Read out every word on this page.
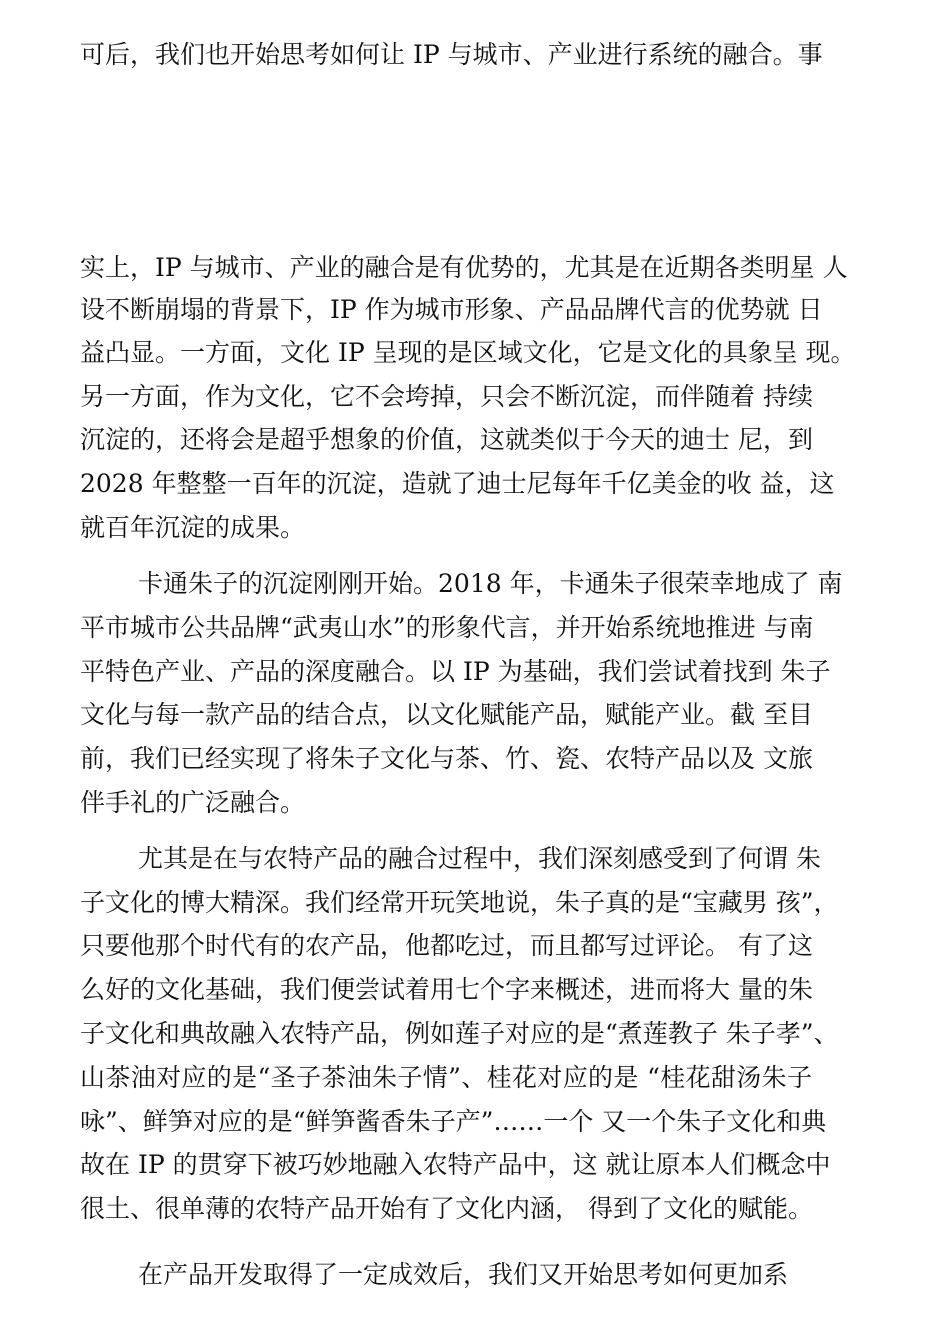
可后，我们也开始思考如何让 IP 与城市、产业进行系统的融合。事
实上，IP 与城市、产业的融合是有优势的，尤其是在近期各类明星 人
设不断崩塌的背景下，IP 作为城市形象、产品品牌代言的优势就 日
益凸显。一方面，文化 IP 呈现的是区域文化，它是文化的具象呈 现。
另一方面，作为文化，它不会垮掉，只会不断沉淀，而伴随着 持续
沉淀的，还将会是超乎想象的价值，这就类似于今天的迪士 尼，到
2028 年整整一百年的沉淀，造就了迪士尼每年千亿美金的收 益，这
就百年沉淀的成果。
卡通朱子的沉淀刚刚开始。2018 年，卡通朱子很荣幸地成了 南
平市城市公共品牌“武夷山水”的形象代言，并开始系统地推进 与南
平特色产业、产品的深度融合。以 IP 为基础，我们尝试着找到 朱子
文化与每一款产品的结合点，以文化赋能产品，赋能产业。截 至目
前，我们已经实现了将朱子文化与茶、竹、瓷、农特产品以及 文旅
伴手礼的广泛融合。
尤其是在与农特产品的融合过程中，我们深刻感受到了何谓 朱
子文化的博大精深。我们经常开玩笑地说，朱子真的是“宝藏男 孩”，
只要他那个时代有的农产品，他都吃过，而且都写过评论。 有了这
么好的文化基础，我们便尝试着用七个字来概述，进而将大 量的朱
子文化和典故融入农特产品，例如莲子对应的是“煮莲教子 朱子孝”、
山茶油对应的是“圣子茶油朱子情”、桂花对应的是 “桂花甜汤朱子
咏”、鲜笋对应的是“鲜笋酱香朱子产”……一个 又一个朱子文化和典
故在 IP 的贯穿下被巧妙地融入农特产品中，这 就让原本人们概念中
很土、很单薄的农特产品开始有了文化内涵， 得到了文化的赋能。
在产品开发取得了一定成效后，我们又开始思考如何更加系
